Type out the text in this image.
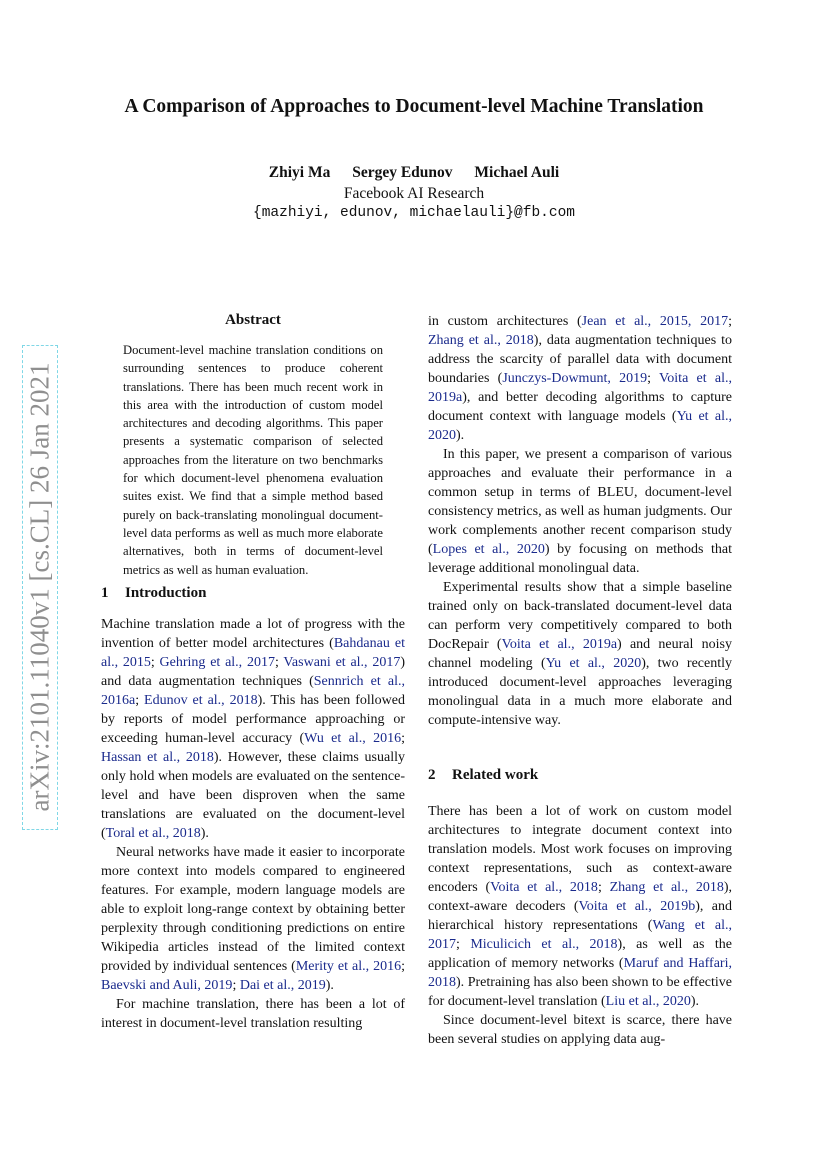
A Comparison of Approaches to Document-level Machine Translation
Zhiyi Ma Sergey Edunov Michael Auli
Facebook AI Research
{mazhiyi, edunov, michaelauli}@fb.com
arXiv:2101.11040v1 [cs.CL] 26 Jan 2021
Abstract
Document-level machine translation conditions on surrounding sentences to produce coherent translations. There has been much recent work in this area with the introduction of custom model architectures and decoding algorithms. This paper presents a systematic comparison of selected approaches from the literature on two benchmarks for which document-level phenomena evaluation suites exist. We find that a simple method based purely on back-translating monolingual document-level data performs as well as much more elaborate alternatives, both in terms of document-level metrics as well as human evaluation.
1 Introduction

Machine translation made a lot of progress with the invention of better model architectures (Bahdanau et al., 2015; Gehring et al., 2017; Vaswani et al., 2017) and data augmentation techniques (Sennrich et al., 2016a; Edunov et al., 2018). This has been followed by reports of model performance approaching or exceeding human-level accuracy (Wu et al., 2016; Hassan et al., 2018). However, these claims usually only hold when models are evaluated on the sentence-level and have been disproven when the same translations are evaluated on the document-level (Toral et al., 2018).

Neural networks have made it easier to incorporate more context into models compared to engineered features. For example, modern language models are able to exploit long-range context by obtaining better perplexity through conditioning predictions on entire Wikipedia articles instead of the limited context provided by individual sentences (Merity et al., 2016; Baevski and Auli, 2019; Dai et al., 2019).

For machine translation, there has been a lot of interest in document-level translation resulting

in custom architectures (Jean et al., 2015, 2017; Zhang et al., 2018), data augmentation techniques to address the scarcity of parallel data with document boundaries (Junczys-Dowmunt, 2019; Voita et al., 2019a), and better decoding algorithms to capture document context with language models (Yu et al., 2020).

In this paper, we present a comparison of various approaches and evaluate their performance in a common setup in terms of BLEU, document-level consistency metrics, as well as human judgments. Our work complements another recent comparison study (Lopes et al., 2020) by focusing on methods that leverage additional monolingual data.

Experimental results show that a simple baseline trained only on back-translated document-level data can perform very competitively compared to both DocRepair (Voita et al., 2019a) and neural noisy channel modeling (Yu et al., 2020), two recently introduced document-level approaches leveraging monolingual data in a much more elaborate and compute-intensive way.

2 Related work

There has been a lot of work on custom model architectures to integrate document context into translation models. Most work focuses on improving context representations, such as context-aware encoders (Voita et al., 2018; Zhang et al., 2018), context-aware decoders (Voita et al., 2019b), and hierarchical history representations (Wang et al., 2017; Miculicich et al., 2018), as well as the application of memory networks (Maruf and Haffari, 2018). Pretraining has also been shown to be effective for document-level translation (Liu et al., 2020).

Since document-level bitext is scarce, there have been several studies on applying data aug-
